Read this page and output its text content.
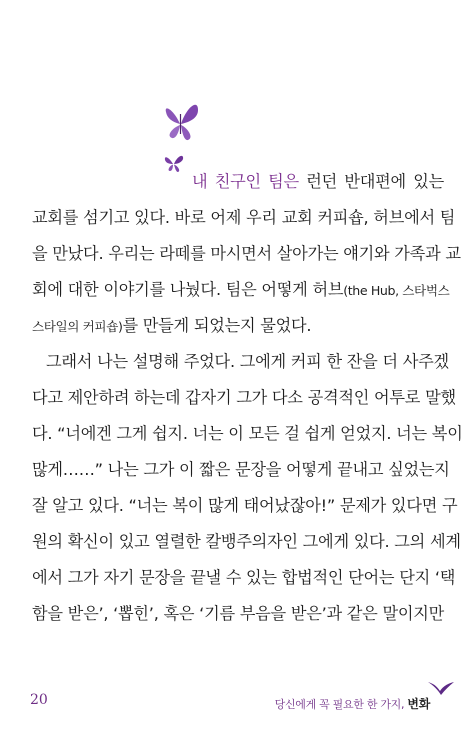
내 친구인 팀은 런던 반대편에 있는
교회를 섬기고 있다. 바로 어제 우리 교회 커피숍, 허브에서 팀
을 만났다. 우리는 라떼를 마시면서 살아가는 얘기와 가족과 교
회에 대한 이야기를 나눴다. 팀은 어떻게 허브(the Hub, 스타벅스
스타일의 커피숍)를 만들게 되었는지 물었다.
그래서 나는 설명해 주었다. 그에게 커피 한 잔을 더 사주겠
다고 제안하려 하는데 갑자기 그가 다소 공격적인 어투로 말했
다. “너에겐 그게 쉽지. 너는 이 모든 걸 쉽게 얻었지. 너는 복이
많게……” 나는 그가 이 짧은 문장을 어떻게 끝내고 싶었는지
잘 알고 있다. “너는 복이 많게 태어났잖아!” 문제가 있다면 구
원의 확신이 있고 열렬한 칼뱅주의자인 그에게 있다. 그의 세계
에서 그가 자기 문장을 끝낼 수 있는 합법적인 단어는 단지 ‘택
함을 받은’, ‘뽑힌’, 혹은 ‘기름 부음을 받은’과 같은 말이지만
20	당신에게 꼭 필요한 한 가지, 변화
